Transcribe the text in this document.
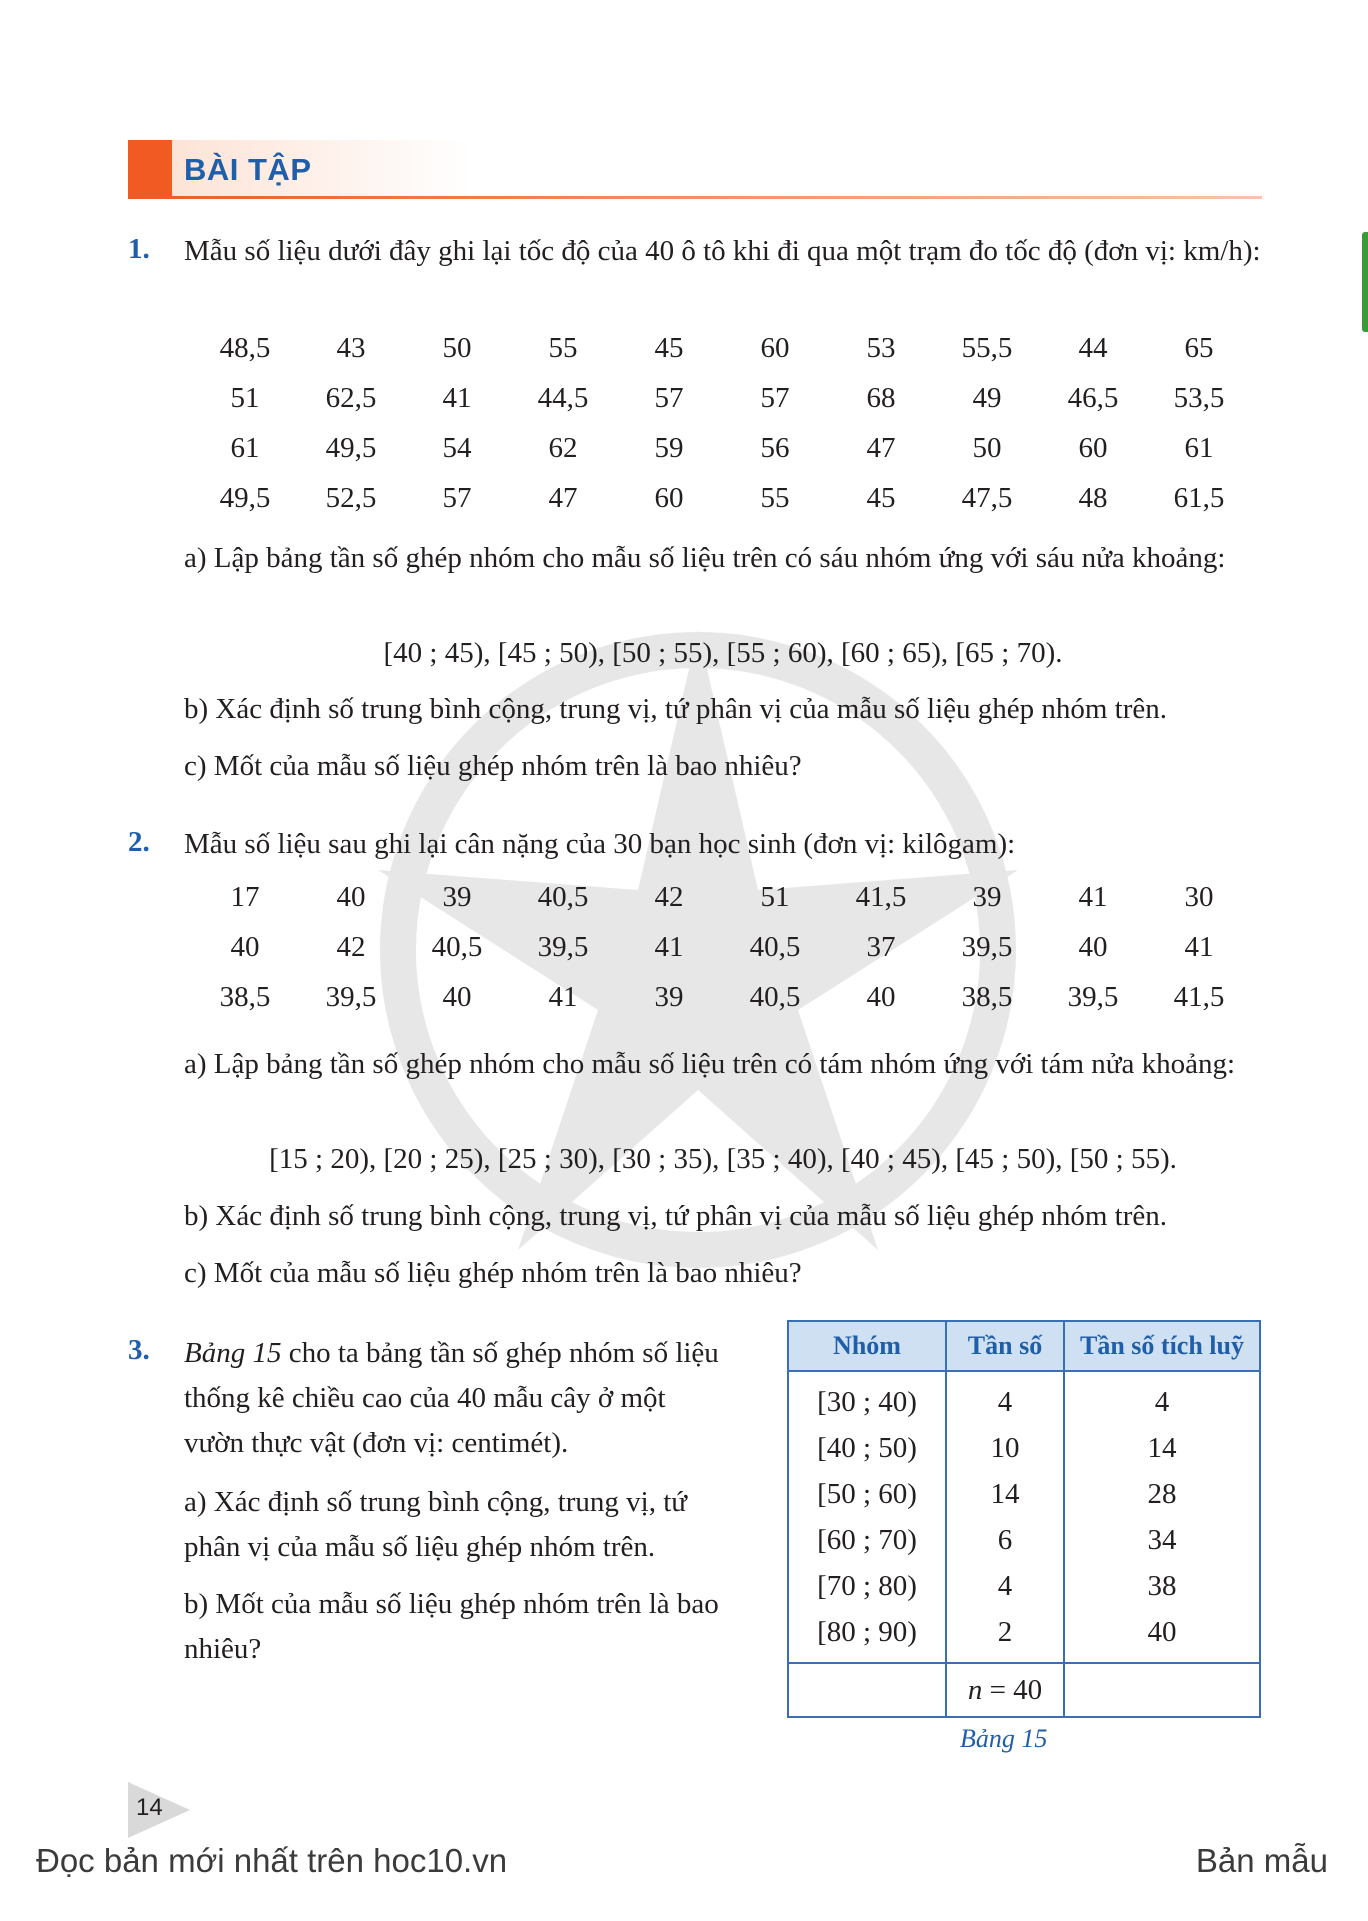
BÀI TẬP
1. Mẫu số liệu dưới đây ghi lại tốc độ của 40 ô tô khi đi qua một trạm đo tốc độ (đơn vị: km/h):
48,5	43	50	55	45	60	53	55,5	44	65
51	62,5	41	44,5	57	57	68	49	46,5	53,5
61	49,5	54	62	59	56	47	50	60	61
49,5	52,5	57	47	60	55	45	47,5	48	61,5
a) Lập bảng tần số ghép nhóm cho mẫu số liệu trên có sáu nhóm ứng với sáu nửa khoảng:
[40 ; 45), [45 ; 50), [50 ; 55), [55 ; 60), [60 ; 65), [65 ; 70).
b) Xác định số trung bình cộng, trung vị, tứ phân vị của mẫu số liệu ghép nhóm trên.
c) Mốt của mẫu số liệu ghép nhóm trên là bao nhiêu?
2. Mẫu số liệu sau ghi lại cân nặng của 30 bạn học sinh (đơn vị: kilôgam):
17	40	39	40,5	42	51	41,5	39	41	30
40	42	40,5	39,5	41	40,5	37	39,5	40	41
38,5	39,5	40	41	39	40,5	40	38,5	39,5	41,5
a) Lập bảng tần số ghép nhóm cho mẫu số liệu trên có tám nhóm ứng với tám nửa khoảng:
[15 ; 20), [20 ; 25), [25 ; 30), [30 ; 35), [35 ; 40), [40 ; 45), [45 ; 50), [50 ; 55).
b) Xác định số trung bình cộng, trung vị, tứ phân vị của mẫu số liệu ghép nhóm trên.
c) Mốt của mẫu số liệu ghép nhóm trên là bao nhiêu?
3. Bảng 15 cho ta bảng tần số ghép nhóm số liệu thống kê chiều cao của 40 mẫu cây ở một vườn thực vật (đơn vị: centimét).
a) Xác định số trung bình cộng, trung vị, tứ phân vị của mẫu số liệu ghép nhóm trên.
b) Mốt của mẫu số liệu ghép nhóm trên là bao nhiêu?
Nhóm	Tần số	Tần số tích luỹ
[30 ; 40)	4	4
[40 ; 50)	10	14
[50 ; 60)	14	28
[60 ; 70)	6	34
[70 ; 80)	4	38
[80 ; 90)	2	40
	n = 40	
Bảng 15
14
Đọc bản mới nhất trên hoc10.vn	Bản mẫu
